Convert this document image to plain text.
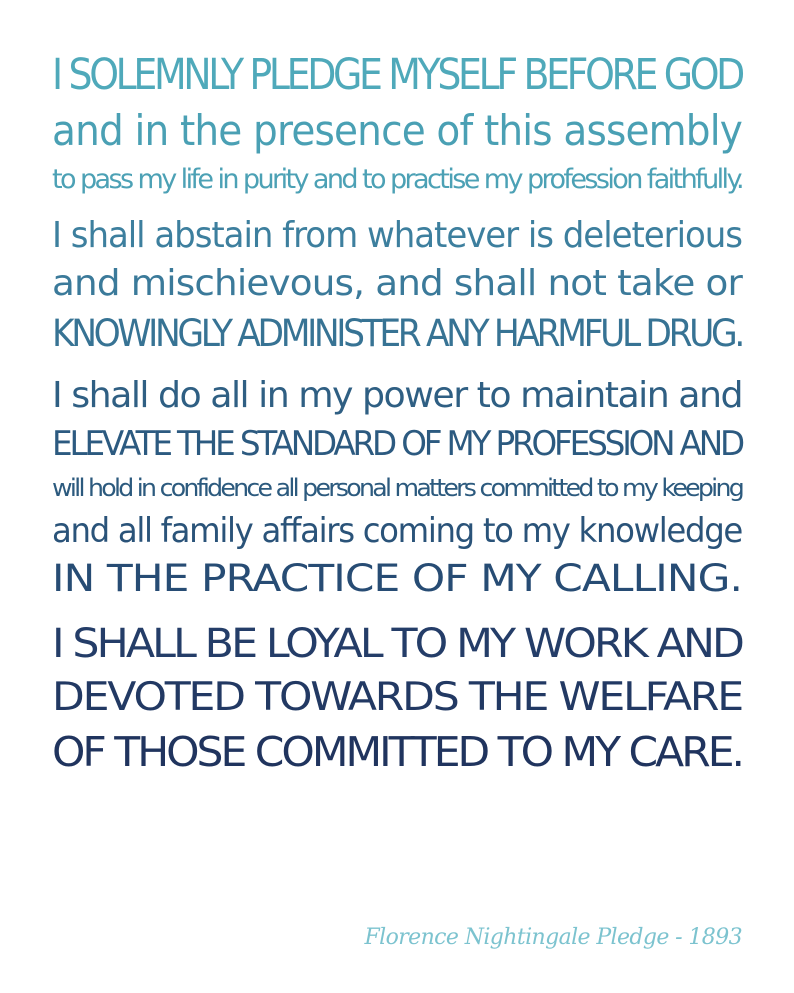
I SOLEMNLY PLEDGE MYSELF BEFORE GOD
and in the presence of this assembly
to pass my life in purity and to practise my profession faithfully.
I shall abstain from whatever is deleterious
and mischievous, and shall not take or
KNOWINGLY ADMINISTER ANY HARMFUL DRUG.
I shall do all in my power to maintain and
ELEVATE THE STANDARD OF MY PROFESSION AND
will hold in confidence all personal matters committed to my keeping
and all family affairs coming to my knowledge
IN THE PRACTICE OF MY CALLING.
I SHALL BE LOYAL TO MY WORK AND
DEVOTED TOWARDS THE WELFARE
OF THOSE COMMITTED TO MY CARE.
Florence Nightingale Pledge - 1893
